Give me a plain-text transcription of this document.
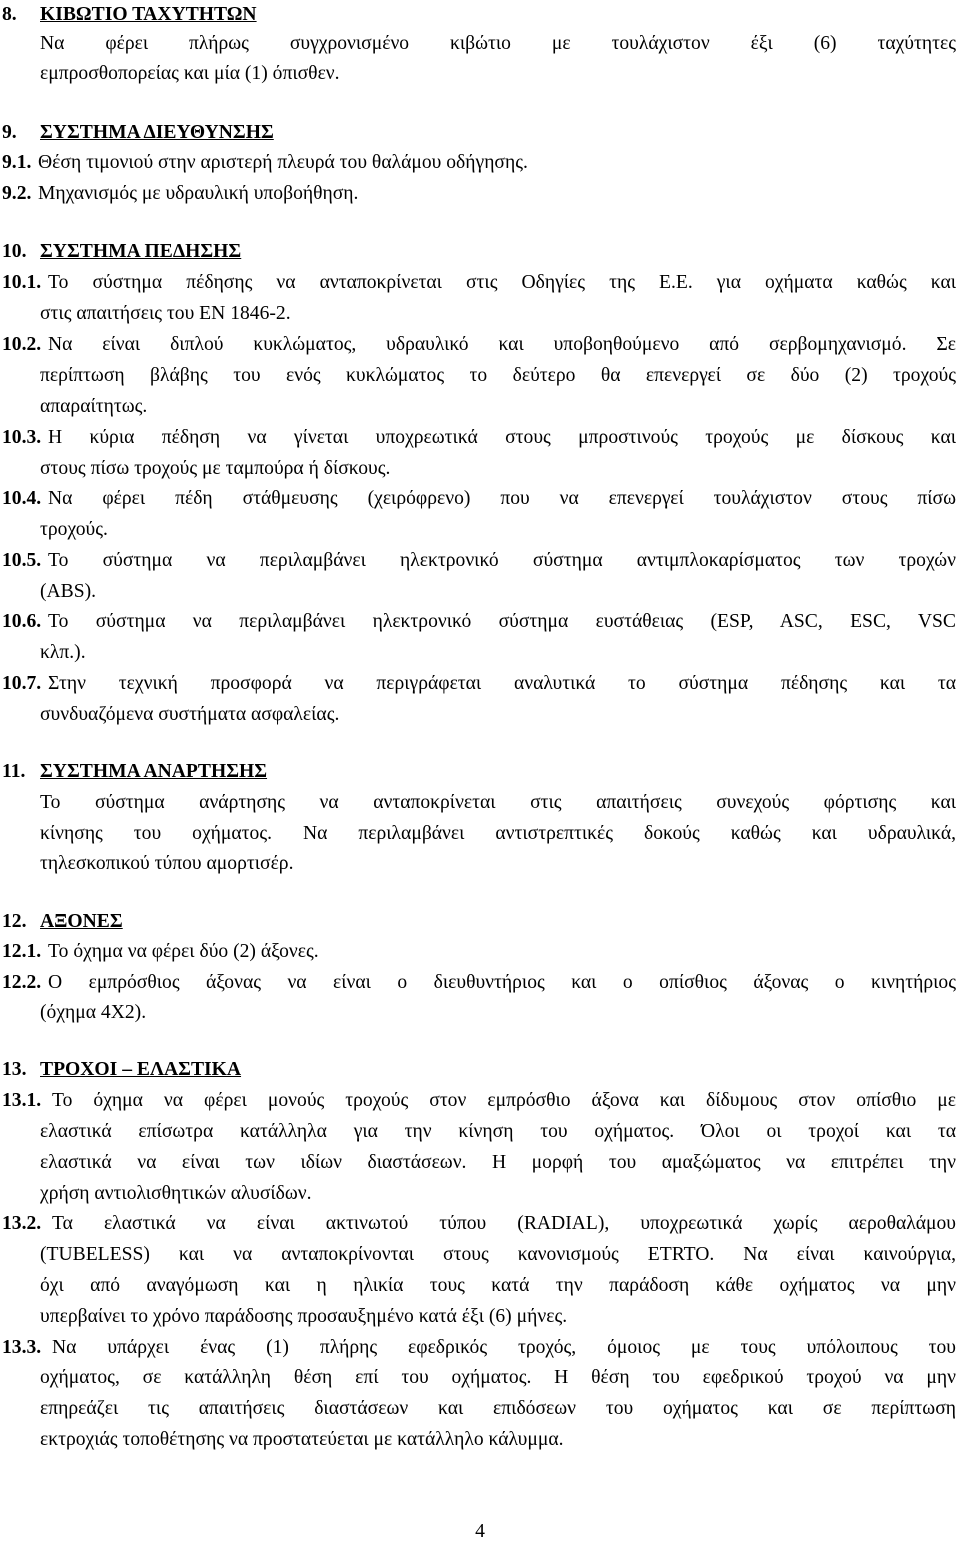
8. ΚΙΒΩΤΙΟ ΤΑΧΥΤΗΤΩΝ
Να φέρει πλήρως συγχρονισμένο κιβώτιο με τουλάχιστον έξι (6) ταχύτητες
εμπροσθοπορείας και μία (1) όπισθεν.
9. ΣΥΣΤΗΜΑ ΔΙΕΥΘΥΝΣΗΣ
9.1. Θέση τιμονιού στην αριστερή πλευρά του θαλάμου οδήγησης.
9.2. Μηχανισμός με υδραυλική υποβοήθηση.
10. ΣΥΣΤΗΜΑ ΠΕΔΗΣΗΣ
10.1. Το σύστημα πέδησης να ανταποκρίνεται στις Οδηγίες της Ε.Ε. για οχήματα καθώς και
στις απαιτήσεις του ΕΝ 1846-2.
10.2. Να είναι διπλού κυκλώματος, υδραυλικό και υποβοηθούμενο από σερβομηχανισμό. Σε
περίπτωση βλάβης του ενός κυκλώματος το δεύτερο θα επενεργεί σε δύο (2) τροχούς
απαραίτητως.
10.3. Η κύρια πέδηση να γίνεται υποχρεωτικά στους μπροστινούς τροχούς με δίσκους και
στους πίσω τροχούς με ταμπούρα ή δίσκους.
10.4. Να φέρει πέδη στάθμευσης (χειρόφρενο) που να επενεργεί τουλάχιστον στους πίσω
τροχούς.
10.5. Το σύστημα να περιλαμβάνει ηλεκτρονικό σύστημα αντιμπλοκαρίσματος των τροχών
(ABS).
10.6. Το σύστημα να περιλαμβάνει ηλεκτρονικό σύστημα ευστάθειας (ESP, ASC, ESC, VSC
κλπ.).
10.7. Στην τεχνική προσφορά να περιγράφεται αναλυτικά το σύστημα πέδησης και τα
συνδυαζόμενα συστήματα ασφαλείας.
11. ΣΥΣΤΗΜΑ ΑΝΑΡΤΗΣΗΣ
Το σύστημα ανάρτησης να ανταποκρίνεται στις απαιτήσεις συνεχούς φόρτισης και
κίνησης του οχήματος. Να περιλαμβάνει αντιστρεπτικές δοκούς καθώς και υδραυλικά,
τηλεσκοπικού τύπου αμορτισέρ.
12. ΑΞΟΝΕΣ
12.1. Το όχημα να φέρει δύο (2) άξονες.
12.2. Ο εμπρόσθιος άξονας να είναι ο διευθυντήριος και ο οπίσθιος άξονας ο κινητήριος
(όχημα 4Χ2).
13. ΤΡΟΧΟΙ – ΕΛΑΣΤΙΚΑ
13.1. Το όχημα να φέρει μονούς τροχούς στον εμπρόσθιο άξονα και δίδυμους στον οπίσθιο με
ελαστικά επίσωτρα κατάλληλα για την κίνηση του οχήματος. Όλοι οι τροχοί και τα
ελαστικά να είναι των ιδίων διαστάσεων. Η μορφή του αμαξώματος να επιτρέπει την
χρήση αντιολισθητικών αλυσίδων.
13.2. Τα ελαστικά να είναι ακτινωτού τύπου (RADIAL), υποχρεωτικά χωρίς αεροθαλάμου
(TUBELESS) και να ανταποκρίνονται στους κανονισμούς ETRTO. Να είναι καινούργια,
όχι από αναγόμωση και η ηλικία τους κατά την παράδοση κάθε οχήματος να μην
υπερβαίνει το χρόνο παράδοσης προσαυξημένο κατά έξι (6) μήνες.
13.3. Να υπάρχει ένας (1) πλήρης εφεδρικός τροχός, όμοιος με τους υπόλοιπους του
οχήματος, σε κατάλληλη θέση επί του οχήματος. Η θέση του εφεδρικού τροχού να μην
επηρεάζει τις απαιτήσεις διαστάσεων και επιδόσεων του οχήματος και σε περίπτωση
εκτροχιάς τοποθέτησης να προστατεύεται με κατάλληλο κάλυμμα.
4
